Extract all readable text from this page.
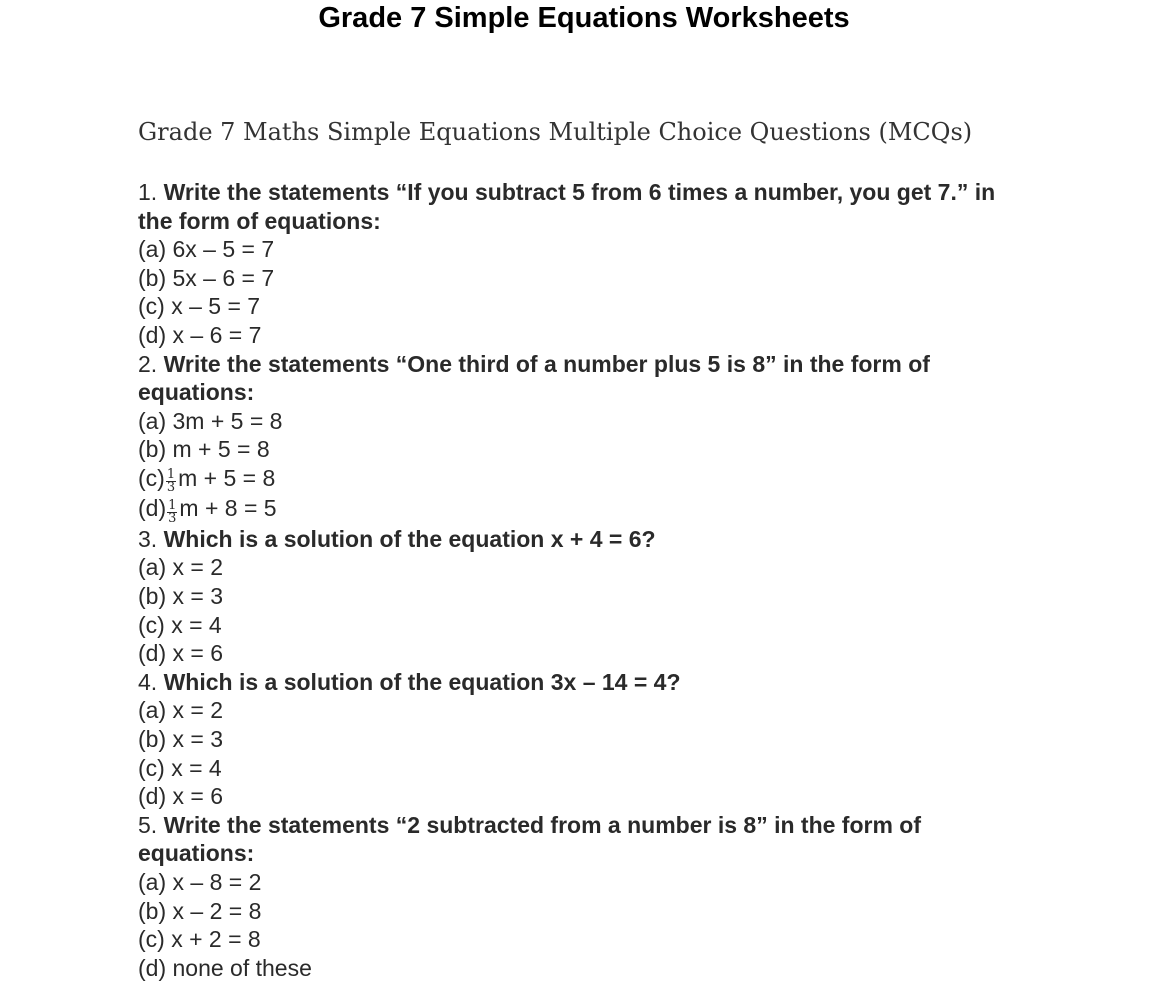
Grade 7 Simple Equations Worksheets
Grade 7 Maths Simple Equations Multiple Choice Questions (MCQs)
1. Write the statements “If you subtract 5 from 6 times a number, you get 7.” in the form of equations:
(a) 6x – 5 = 7
(b) 5x – 6 = 7
(c) x – 5 = 7
(d) x – 6 = 7
2. Write the statements “One third of a number plus 5 is 8” in the form of equations:
(a) 3m + 5 = 8
(b) m + 5 = 8
$(c) \frac{1}{3}$ m + 5 = 8
$(d) \frac{1}{3}$ m + 8 = 5
3. Which is a solution of the equation x + 4 = 6?
(a) x = 2
(b) x = 3
(c) x = 4
(d) x = 6
4. Which is a solution of the equation 3x – 14 = 4?
(a) x = 2
(b) x = 3
(c) x = 4
(d) x = 6
5. Write the statements “2 subtracted from a number is 8” in the form of equations:
(a) x – 8 = 2
(b) x – 2 = 8
(c) x + 2 = 8
(d) none of these
